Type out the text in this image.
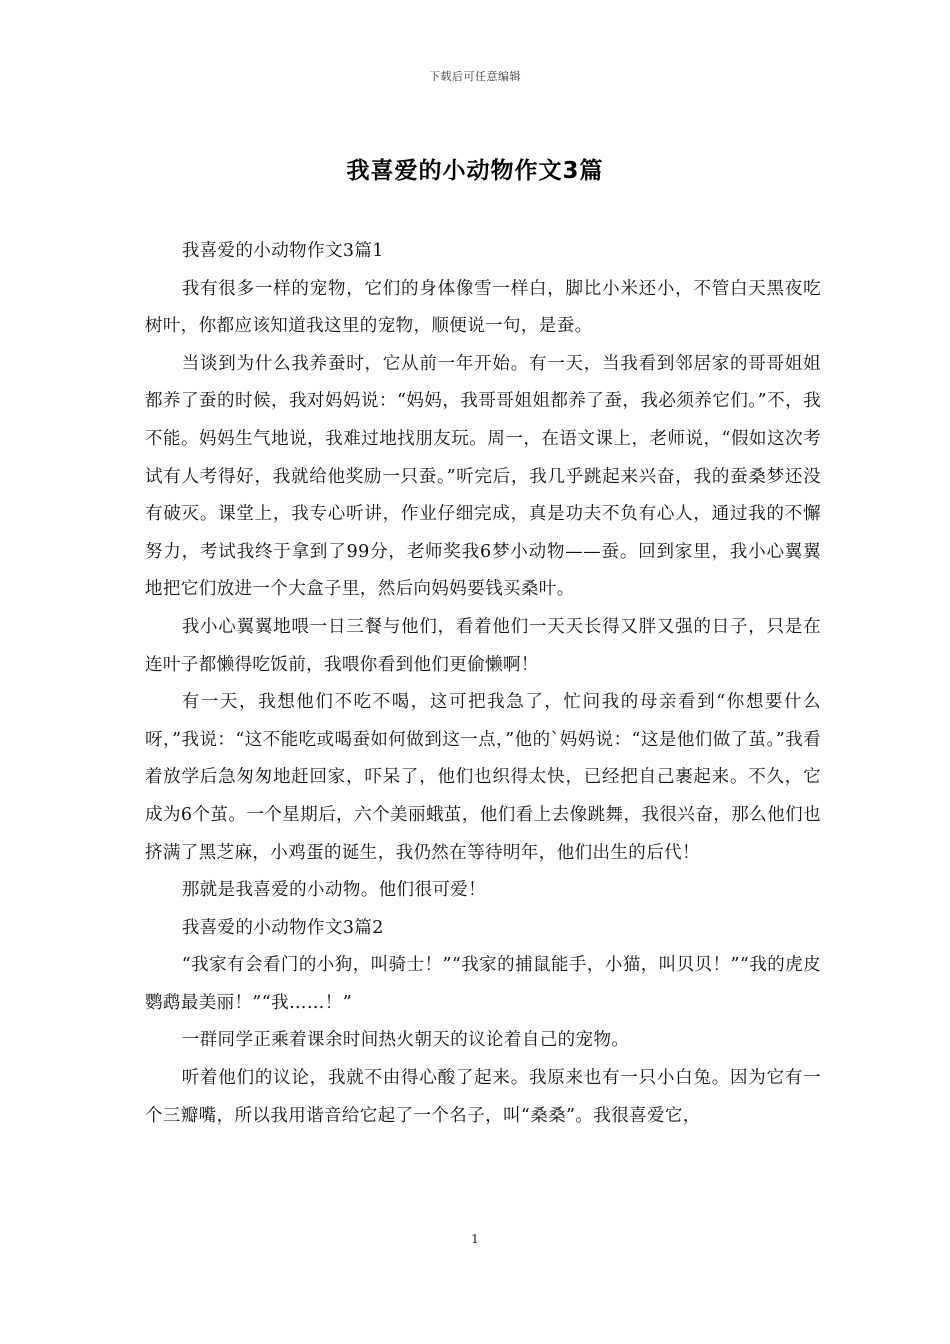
下载后可任意编辑
我喜爱的小动物作文3篇

我喜爱的小动物作文3篇1

我有很多一样的宠物，它们的身体像雪一样白，脚比小米还小，不管白天黑夜吃树叶，你都应该知道我这里的宠物，顺便说一句，是蚕。

当谈到为什么我养蚕时，它从前一年开始。有一天，当我看到邻居家的哥哥姐姐都养了蚕的时候，我对妈妈说：“妈妈，我哥哥姐姐都养了蚕，我必须养它们。”不，我不能。妈妈生气地说，我难过地找朋友玩。周一，在语文课上，老师说，“假如这次考试有人考得好，我就给他奖励一只蚕。”听完后，我几乎跳起来兴奋，我的蚕桑梦还没有破灭。课堂上，我专心听讲，作业仔细完成，真是功夫不负有心人，通过我的不懈努力，考试我终于拿到了99分，老师奖我6梦小动物——蚕。回到家里，我小心翼翼地把它们放进一个大盒子里，然后向妈妈要钱买桑叶。

我小心翼翼地喂一日三餐与他们，看着他们一天天长得又胖又强的日子，只是在连叶子都懒得吃饭前，我喂你看到他们更偷懒啊！

有一天，我想他们不吃不喝，这可把我急了，忙问我的母亲看到“你想要什么呀，”我说：“这不能吃或喝蚕如何做到这一点，”他的`妈妈说：“这是他们做了茧。”我看着放学后急匆匆地赶回家，吓呆了，他们也织得太快，已经把自己裹起来。不久，它成为6个茧。一个星期后，六个美丽蛾茧，他们看上去像跳舞，我很兴奋，那么他们也挤满了黑芝麻，小鸡蛋的诞生，我仍然在等待明年，他们出生的后代！

那就是我喜爱的小动物。他们很可爱！

我喜爱的小动物作文3篇2

“我家有会看门的小狗，叫骑士！”“我家的捕鼠能手，小猫，叫贝贝！”“我的虎皮鹦鹉最美丽！”“我……！”

一群同学正乘着课余时间热火朝天的议论着自己的宠物。

听着他们的议论，我就不由得心酸了起来。我原来也有一只小白兔。因为它有一个三瓣嘴，所以我用谐音给它起了一个名子，叫“桑桑”。我很喜爱它，

1
